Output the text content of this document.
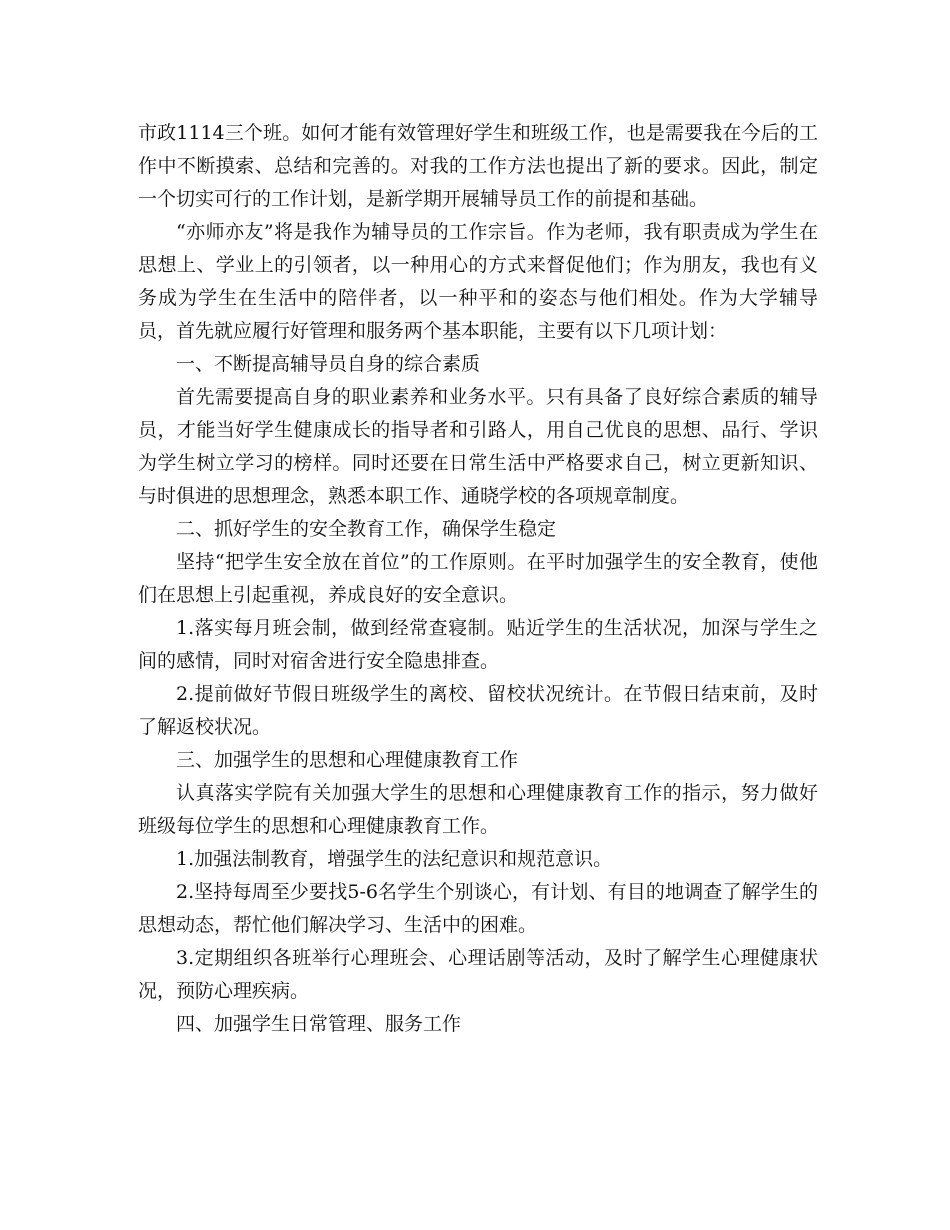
市政1114三个班。如何才能有效管理好学生和班级工作，也是需要我在今后的工作中不断摸索、总结和完善的。对我的工作方法也提出了新的要求。因此，制定一个切实可行的工作计划，是新学期开展辅导员工作的前提和基础。

“亦师亦友”将是我作为辅导员的工作宗旨。作为老师，我有职责成为学生在思想上、学业上的引领者，以一种用心的方式来督促他们；作为朋友，我也有义务成为学生在生活中的陪伴者，以一种平和的姿态与他们相处。作为大学辅导员，首先就应履行好管理和服务两个基本职能，主要有以下几项计划：

一、不断提高辅导员自身的综合素质

首先需要提高自身的职业素养和业务水平。只有具备了良好综合素质的辅导员，才能当好学生健康成长的指导者和引路人，用自己优良的思想、品行、学识为学生树立学习的榜样。同时还要在日常生活中严格要求自己，树立更新知识、与时俱进的思想理念，熟悉本职工作、通晓学校的各项规章制度。

二、抓好学生的安全教育工作，确保学生稳定

坚持“把学生安全放在首位”的工作原则。在平时加强学生的安全教育，使他们在思想上引起重视，养成良好的安全意识。

1.落实每月班会制，做到经常查寝制。贴近学生的生活状况，加深与学生之间的感情，同时对宿舍进行安全隐患排查。

2.提前做好节假日班级学生的离校、留校状况统计。在节假日结束前，及时了解返校状况。

三、加强学生的思想和心理健康教育工作

认真落实学院有关加强大学生的思想和心理健康教育工作的指示，努力做好班级每位学生的思想和心理健康教育工作。

1.加强法制教育，增强学生的法纪意识和规范意识。

2.坚持每周至少要找5-6名学生个别谈心，有计划、有目的地调查了解学生的思想动态，帮忙他们解决学习、生活中的困难。

3.定期组织各班举行心理班会、心理话剧等活动，及时了解学生心理健康状况，预防心理疾病。

四、加强学生日常管理、服务工作
